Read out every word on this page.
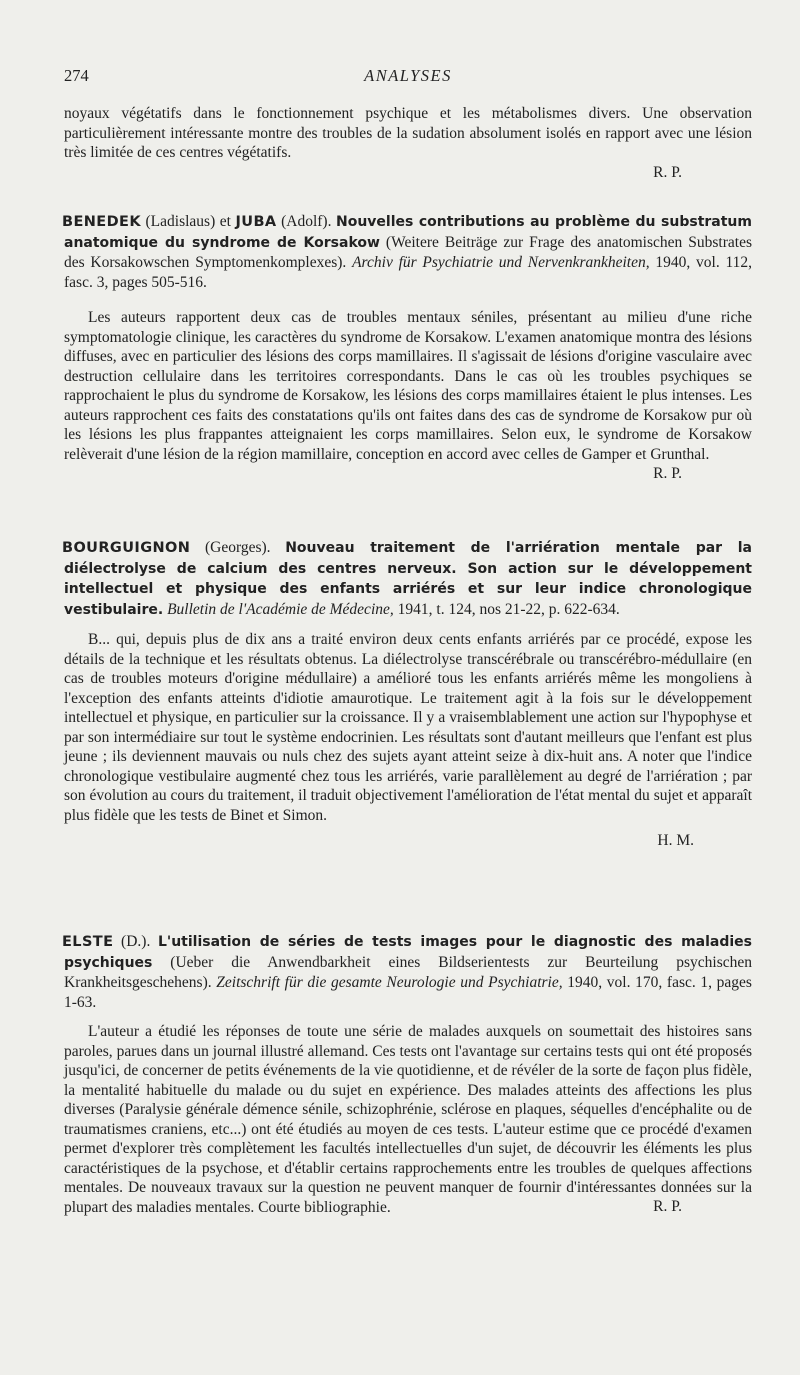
274	ANALYSES

noyaux végétatifs dans le fonctionnement psychique et les métabolismes divers. Une observation particulièrement intéressante montre des troubles de la sudation absolument isolés en rapport avec une lésion très limitée de ces centres végétatifs.

R. P.
BENEDEK (Ladislaus) et JUBA (Adolf). Nouvelles contributions au problème du substratum anatomique du syndrome de Korsakow (Weitere Beiträge zur Frage des anatomischen Substrates des Korsakowschen Symptomenkomplexes). Archiv für Psychiatrie und Nervenkrankheiten, 1940, vol. 112, fasc. 3, pages 505-516.

Les auteurs rapportent deux cas de troubles mentaux séniles, présentant au milieu d'une riche symptomatologie clinique, les caractères du syndrome de Korsakow. L'examen anatomique montra des lésions diffuses, avec en particulier des lésions des corps mamillaires. Il s'agissait de lésions d'origine vasculaire avec destruction cellulaire dans les territoires correspondants. Dans le cas où les troubles psychiques se rapprochaient le plus du syndrome de Korsakow, les lésions des corps mamillaires étaient le plus intenses. Les auteurs rapprochent ces faits des constatations qu'ils ont faites dans des cas de syndrome de Korsakow pur où les lésions les plus frappantes atteignaient les corps mamillaires. Selon eux, le syndrome de Korsakow relèverait d'une lésion de la région mamillaire, conception en accord avec celles de Gamper et Grunthal.

R. P.
BOURGUIGNON (Georges). Nouveau traitement de l'arriération mentale par la diélectrolyse de calcium des centres nerveux. Son action sur le développement intellectuel et physique des enfants arriérés et sur leur indice chronologique vestibulaire. Bulletin de l'Académie de Médecine, 1941, t. 124, nos 21-22, p. 622-634.

B... qui, depuis plus de dix ans a traité environ deux cents enfants arriérés par ce procédé, expose les détails de la technique et les résultats obtenus. La diélectrolyse transcérébrale ou transcérébro-médullaire (en cas de troubles moteurs d'origine médullaire) a amélioré tous les enfants arriérés même les mongoliens à l'exception des enfants atteints d'idiotie amaurotique. Le traitement agit à la fois sur le développement intellectuel et physique, en particulier sur la croissance. Il y a vraisemblablement une action sur l'hypophyse et par son intermédiaire sur tout le système endocrinien. Les résultats sont d'autant meilleurs que l'enfant est plus jeune ; ils deviennent mauvais ou nuls chez des sujets ayant atteint seize à dix-huit ans. A noter que l'indice chronologique vestibulaire augmenté chez tous les arriérés, varie parallèlement au degré de l'arriération ; par son évolution au cours du traitement, il traduit objectivement l'amélioration de l'état mental du sujet et apparaît plus fidèle que les tests de Binet et Simon.

H. M.
ELSTE (D.). L'utilisation de séries de tests images pour le diagnostic des maladies psychiques (Ueber die Anwendbarkheit eines Bildserientests zur Beurteilung psychischen Krankheitsgeschehens). Zeitschrift für die gesamte Neurologie und Psychiatrie, 1940, vol. 170, fasc. 1, pages 1-63.

L'auteur a étudié les réponses de toute une série de malades auxquels on soumettait des histoires sans paroles, parues dans un journal illustré allemand. Ces tests ont l'avantage sur certains tests qui ont été proposés jusqu'ici, de concerner de petits événements de la vie quotidienne, et de révéler de la sorte de façon plus fidèle, la mentalité habituelle du malade ou du sujet en expérience. Des malades atteints des affections les plus diverses (Paralysie générale démence sénile, schizophrénie, sclérose en plaques, séquelles d'encéphalite ou de traumatismes craniens, etc...) ont été étudiés au moyen de ces tests. L'auteur estime que ce procédé d'examen permet d'explorer très complètement les facultés intellectuelles d'un sujet, de découvrir les éléments les plus caractéristiques de la psychose, et d'établir certains rapprochements entre les troubles de quelques affections mentales. De nouveaux travaux sur la question ne peuvent manquer de fournir d'intéressantes données sur la plupart des maladies mentales. Courte bibliographie.	R. P.
